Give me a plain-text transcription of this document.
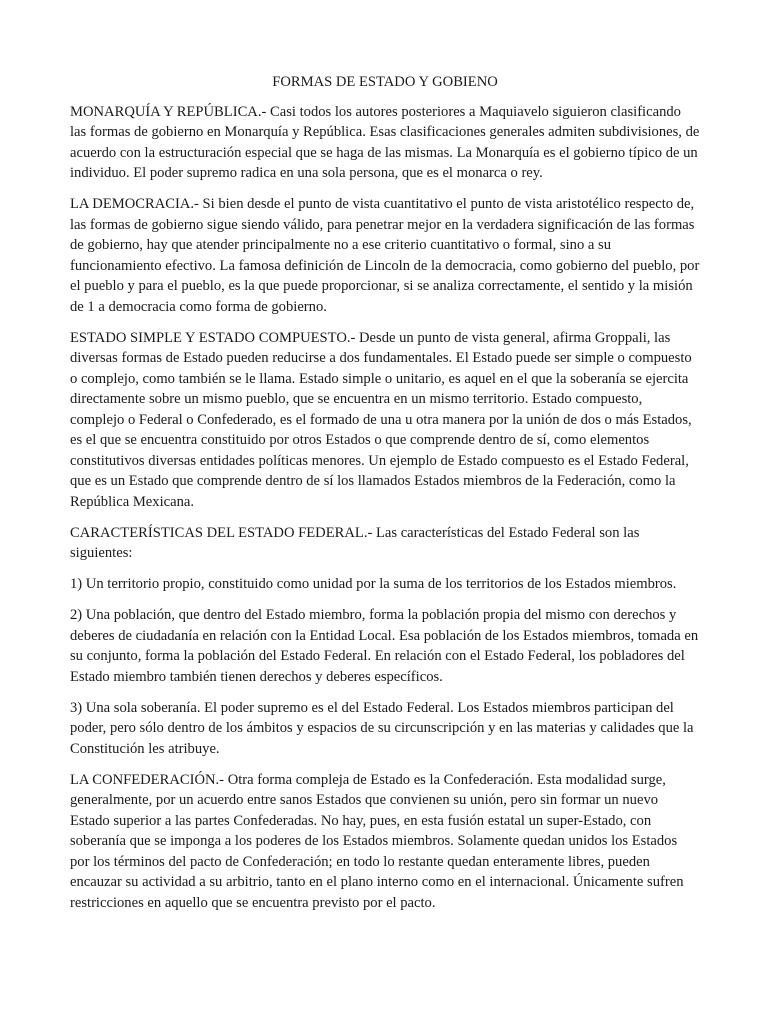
FORMAS DE ESTADO Y GOBIENO

MONARQUÍA Y REPÚBLICA.- Casi todos los autores posteriores a Maquiavelo siguieron clasificando las formas de gobierno en Monarquía y República. Esas clasificaciones generales admiten subdivisiones, de acuerdo con la estructuración especial que se haga de las mismas. La Monarquía es el gobierno típico de un individuo. El poder supremo radica en una sola persona, que es el monarca o rey.

LA DEMOCRACIA.- Si bien desde el punto de vista cuantitativo el punto de vista aristotélico respecto de, las formas de gobierno sigue siendo válido, para penetrar mejor en la verdadera significación de las formas de gobierno, hay que atender principalmente no a ese criterio cuantitativo o formal, sino a su funcionamiento efectivo. La famosa definición de Lincoln de la democracia, como gobierno del pueblo, por el pueblo y para el pueblo, es la que puede proporcionar, si se analiza correctamente, el sentido y la misión de 1 a democracia como forma de gobierno.

ESTADO SIMPLE Y ESTADO COMPUESTO.- Desde un punto de vista general, afirma Groppali, las diversas formas de Estado pueden reducirse a dos fundamentales. El Estado puede ser simple o compuesto o complejo, como también se le llama. Estado simple o unitario, es aquel en el que la soberanía se ejercita directamente sobre un mismo pueblo, que se encuentra en un mismo territorio. Estado compuesto, complejo o Federal o Confederado, es el formado de una u otra manera por la unión de dos o más Estados, es el que se encuentra constituido por otros Estados o que comprende dentro de sí, como elementos constitutivos diversas entidades políticas menores. Un ejemplo de Estado compuesto es el Estado Federal, que es un Estado que comprende dentro de sí los llamados Estados miembros de la Federación, como la República Mexicana.

CARACTERÍSTICAS DEL ESTADO FEDERAL.- Las características del Estado Federal son las siguientes:

1) Un territorio propio, constituido como unidad por la suma de los territorios de los Estados miembros.

2) Una población, que dentro del Estado miembro, forma la población propia del mismo con derechos y deberes de ciudadanía en relación con la Entidad Local. Esa población de los Estados miembros, tomada en su conjunto, forma la población del Estado Federal. En relación con el Estado Federal, los pobladores del Estado miembro también tienen derechos y deberes específicos.

3) Una sola soberanía. El poder supremo es el del Estado Federal. Los Estados miembros participan del poder, pero sólo dentro de los ámbitos y espacios de su circunscripción y en las materias y calidades que la Constitución les atribuye.

LA CONFEDERACIÓN.- Otra forma compleja de Estado es la Confederación. Esta modalidad surge, generalmente, por un acuerdo entre sanos Estados que convienen su unión, pero sin formar un nuevo Estado superior a las partes Confederadas. No hay, pues, en esta fusión estatal un super-Estado, con soberanía que se imponga a los poderes de los Estados miembros. Solamente quedan unidos los Estados por los términos del pacto de Confederación; en todo lo restante quedan enteramente libres, pueden encauzar su actividad a su arbitrio, tanto en el plano interno como en el internacional. Únicamente sufren restricciones en aquello que se encuentra previsto por el pacto.
